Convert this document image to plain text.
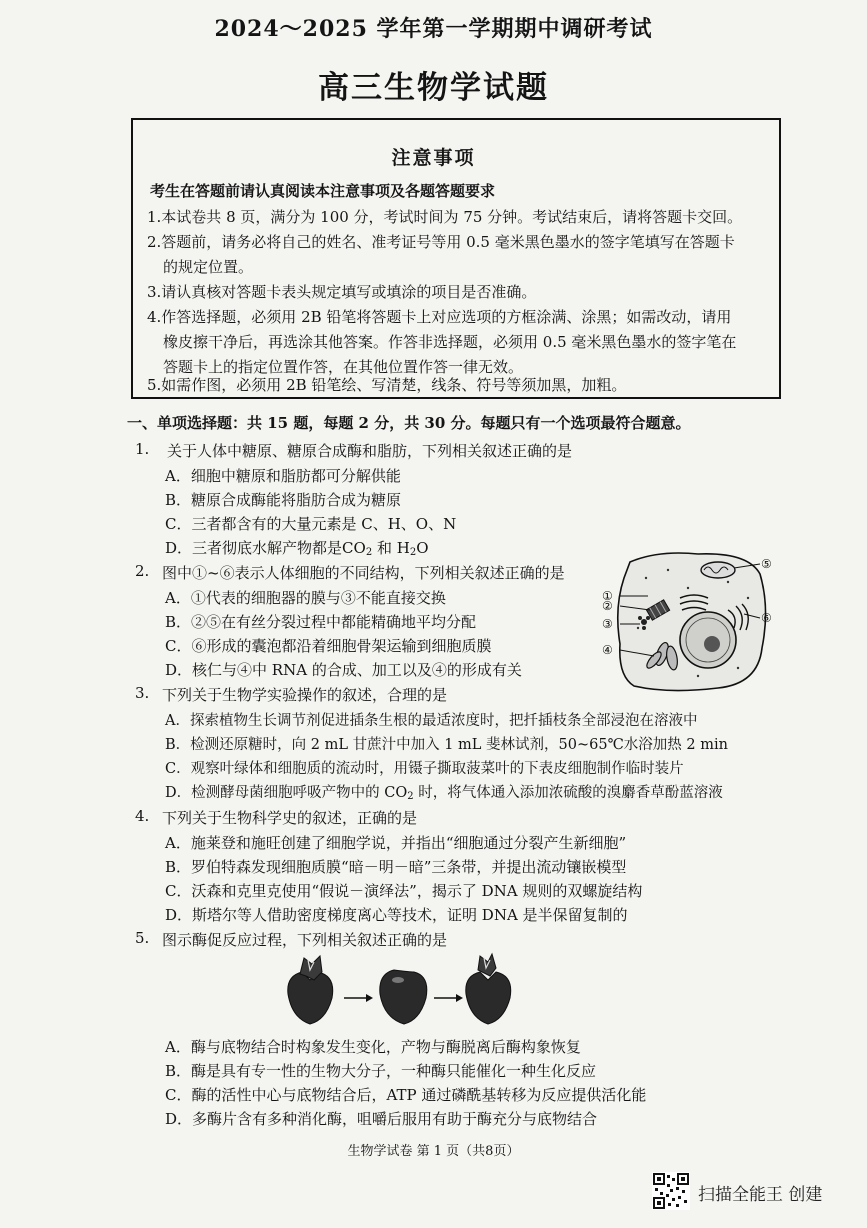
2024～2025 学年第一学期期中调研考试
高三生物学试题
注意事项
考生在答题前请认真阅读本注意事项及各题答题要求
1.本试卷共 8 页，满分为 100 分，考试时间为 75 分钟。考试结束后，请将答题卡交回。
2.答题前，请务必将自己的姓名、准考证号等用 0.5 毫米黑色墨水的签字笔填写在答题卡
的规定位置。
3.请认真核对答题卡表头规定填写或填涂的项目是否准确。
4.作答选择题，必须用 2B 铅笔将答题卡上对应选项的方框涂满、涂黑；如需改动，请用
橡皮擦干净后，再选涂其他答案。作答非选择题，必须用 0.5 毫米黑色墨水的签字笔在
答题卡上的指定位置作答，在其他位置作答一律无效。
5.如需作图，必须用 2B 铅笔绘、写清楚，线条、符号等须加黑，加粗。
一、单项选择题：共 15 题，每题 2 分，共 30 分。每题只有一个选项最符合题意。
1. 关于人体中糖原、糖原合成酶和脂肪，下列相关叙述正确的是
A．细胞中糖原和脂肪都可分解供能
B．糖原合成酶能将脂肪合成为糖原
C．三者都含有的大量元素是 C、H、O、N
D．三者彻底水解产物都是$CO_2$ 和 $H_2O$
2. 图中①~⑥表示人体细胞的不同结构，下列相关叙述正确的是
A．①代表的细胞器的膜与③不能直接交换
B．②⑤在有丝分裂过程中都能精确地平均分配
C．⑥形成的囊泡都沿着细胞骨架运输到细胞质膜
D．核仁与④中 RNA 的合成、加工以及④的形成有关
①
②
③
④
⑤
⑥
3. 下列关于生物学实验操作的叙述，合理的是
A．探索植物生长调节剂促进插条生根的最适浓度时，把扦插枝条全部浸泡在溶液中
B．检测还原糖时，向 2 mL 甘蔗汁中加入 1 mL 斐林试剂，50~65℃水浴加热 2 min
C．观察叶绿体和细胞质的流动时，用镊子撕取菠菜叶的下表皮细胞制作临时装片
D．检测酵母菌细胞呼吸产物中的 $CO_2$ 时，将气体通入添加浓硫酸的溴麝香草酚蓝溶液
4. 下列关于生物科学史的叙述，正确的是
A．施莱登和施旺创建了细胞学说，并指出“细胞通过分裂产生新细胞”
B．罗伯特森发现细胞质膜“暗－明－暗”三条带，并提出流动镶嵌模型
C．沃森和克里克使用“假说－演绎法”，揭示了 DNA 规则的双螺旋结构
D．斯塔尔等人借助密度梯度离心等技术，证明 DNA 是半保留复制的
5. 图示酶促反应过程，下列相关叙述正确的是
A．酶与底物结合时构象发生变化，产物与酶脱离后酶构象恢复
B．酶是具有专一性的生物大分子，一种酶只能催化一种生化反应
C．酶的活性中心与底物结合后，ATP 通过磷酰基转移为反应提供活化能
D．多酶片含有多种消化酶，咀嚼后服用有助于酶充分与底物结合
生物学试卷 第 1 页（共8页）
扫描全能王 创建
